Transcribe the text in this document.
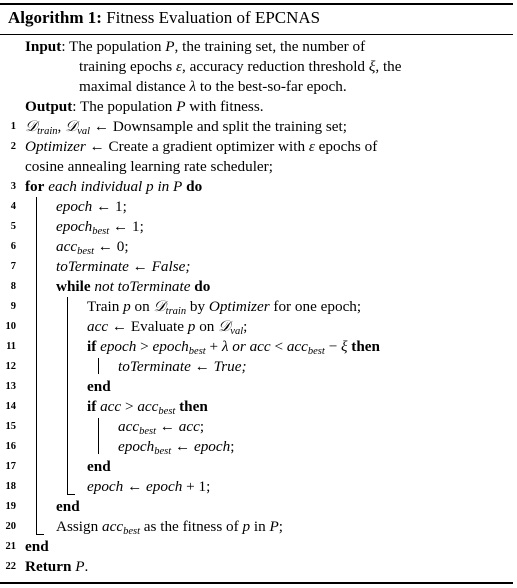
Algorithm 1: Fitness Evaluation of EPCNAS
Input: The population P, the training set, the number of
training epochs ε, accuracy reduction threshold ξ, the
maximal distance λ to the best-so-far epoch.
Output: The population P with fitness.
1 𝒟$_{train}$, 𝒟$_{val}$ ← Downsample and split the training set;
2 Optimizer ← Create a gradient optimizer with ε epochs of
cosine annealing learning rate scheduler;
3 for each individual p in P do
4	epoch ← 1;
5	epoch$_{best}$ ← 1;
6	acc$_{best}$ ← 0;
7	toTerminate ← False;
8	while not toTerminate do
9	Train p on 𝒟$_{train}$ by Optimizer for one epoch;
10	acc ← Evaluate p on 𝒟$_{val}$;
11	if epoch > epoch$_{best}$ + λ or acc < acc$_{best}$ − ξ then
12	toTerminate ← True;
13	end
14	if acc > acc$_{best}$ then
15	acc$_{best}$ ← acc;
16	epoch$_{best}$ ← epoch;
17	end
18	epoch ← epoch + 1;
19	end
20	Assign acc$_{best}$ as the fitness of p in P;
21 end
22 Return P.
